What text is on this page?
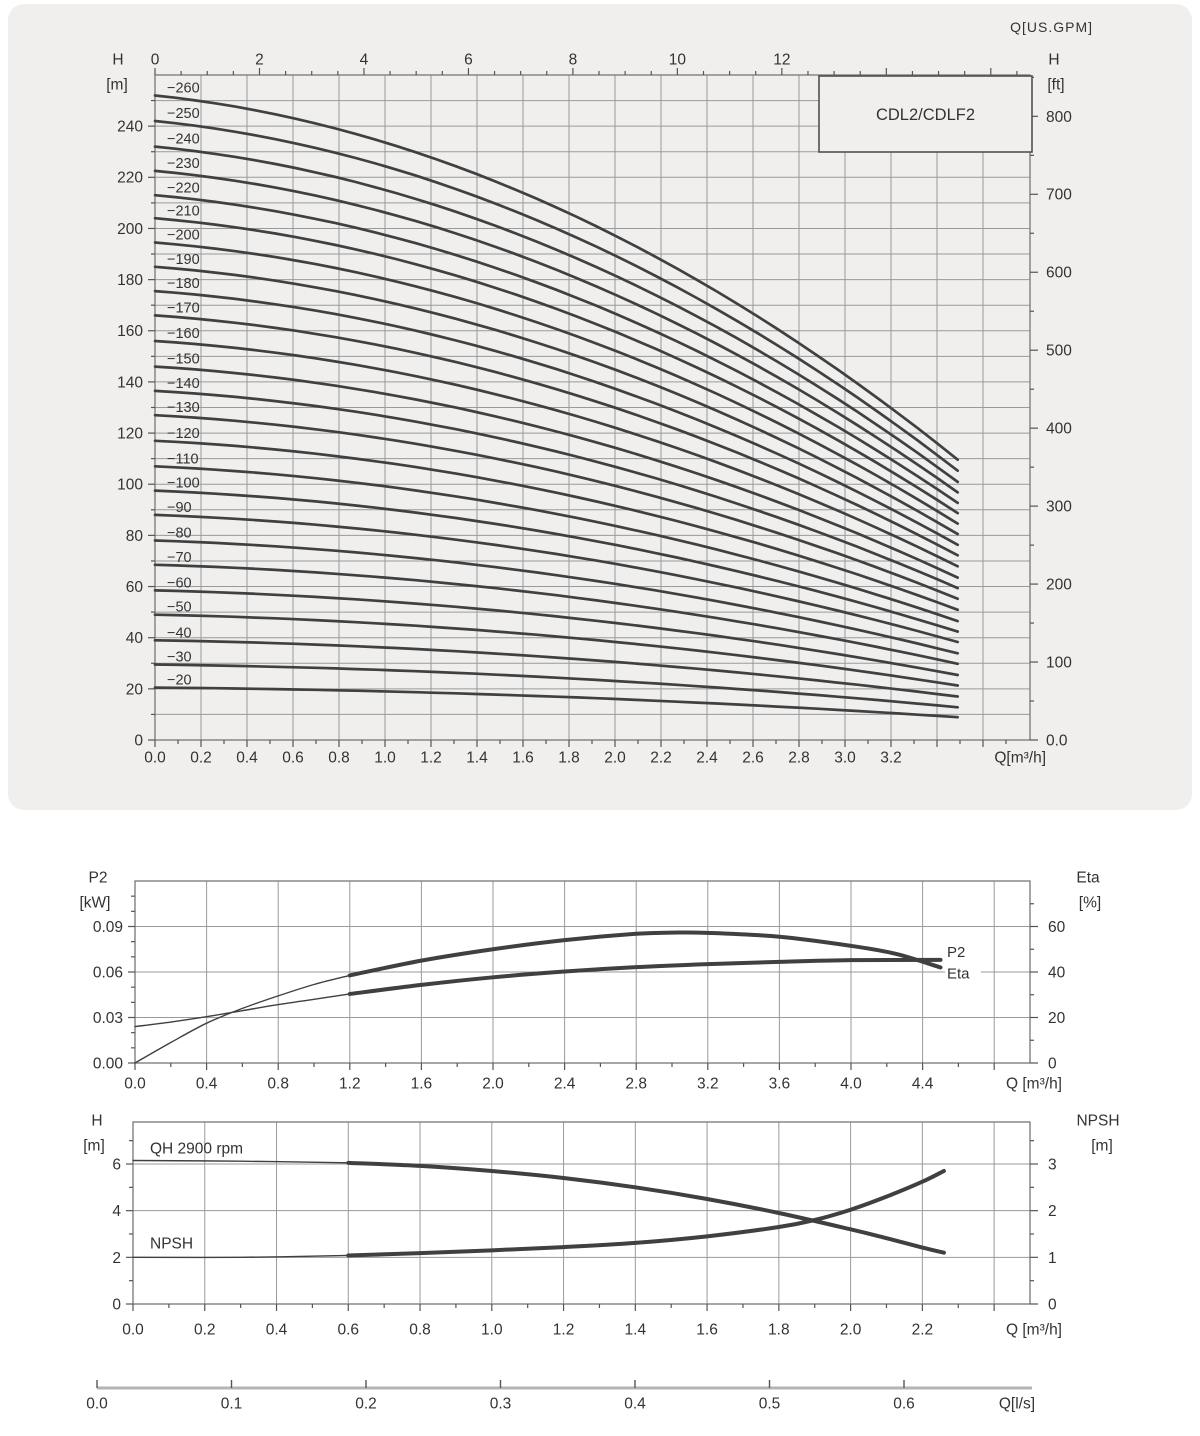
0	2	4	6	8	10	12
Q[US.GPM]
0
20
40
60
80
100
120
140
160
180
200
220
240
H
[m]
0.0
100
200
300
400
500
600
700
800
H
[ft]
0.0 0.2 0.4 0.6 0.8 1.0 1.2 1.4 1.6 1.8 2.0 2.2 2.4 2.6 2.8 3.0 3.2	Q[m³/h]
CDL2/CDLF2
−260
−250
−240
−230
−220
−210
−200
−190
−180
−170
−160
−150
−140
−130
−120
−110
−100
−90
−80
−70
−60
−50
−40
−30
−20
0.00
0.03
0.06
0.09
P2
[kW]
0
20
40
60
Eta
[%]
0.0	0.4	0.8	1.2	1.6	2.0	2.4	2.8	3.2	3.6	4.0	4.4	Q [m³/h]
P2
Eta
0
2
4
6
H
[m]
0
1
2
3
NPSH
[m]
0.0	0.2	0.4	0.6	0.8	1.0	1.2	1.4	1.6	1.8	2.0	2.2	Q [m³/h]
QH 2900 rpm
NPSH
0.0	0.1	0.2	0.3	0.4	0.5	0.6	Q[l/s]
